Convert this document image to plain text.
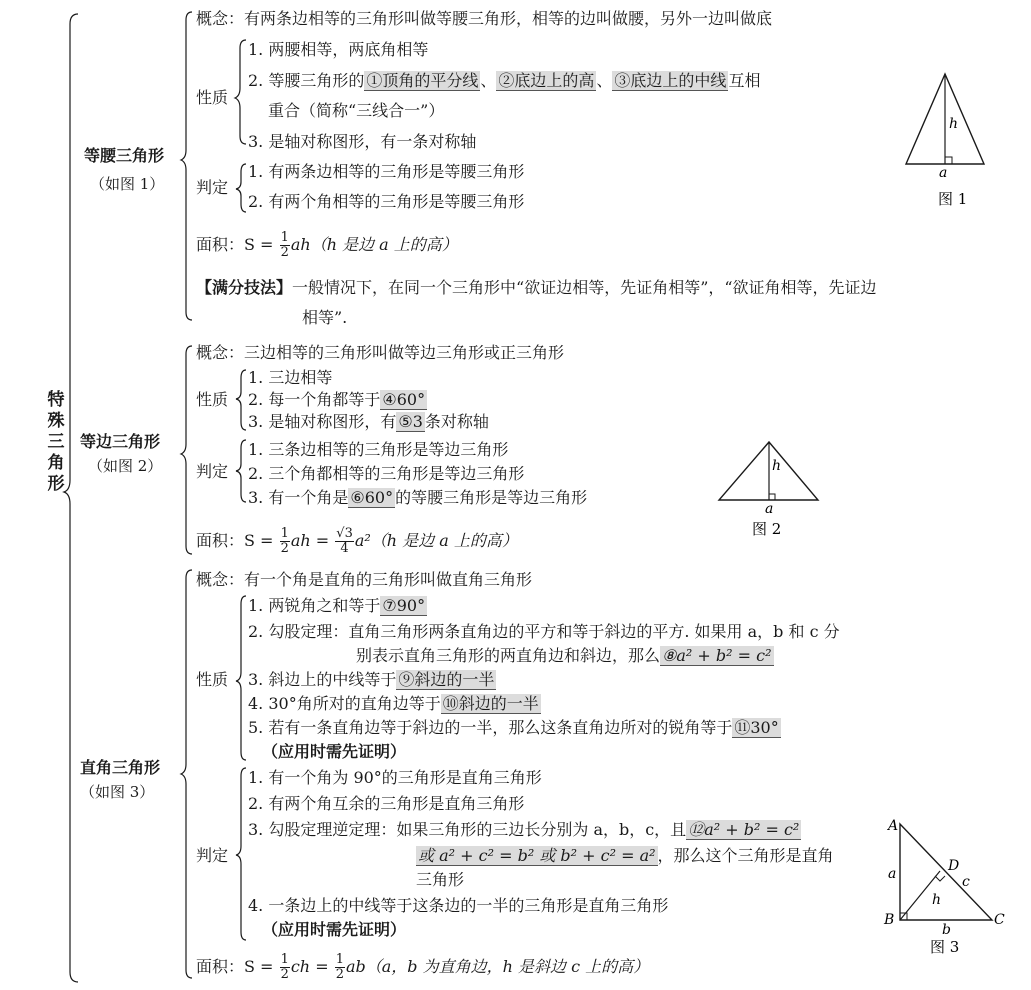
特
殊
三
角
形
等腰三角形
（如图 1）
概念：有两条边相等的三角形叫做等腰三角形，相等的边叫做腰，另外一边叫做底
性质
1. 两腰相等，两底角相等
2. 等腰三角形的 ①顶角的平分线 、 ②底边上的高 、 ③底边上的中线 互相
重合（简称“三线合一”）
3. 是轴对称图形，有一条对称轴
判定
1. 有两条边相等的三角形是等腰三角形
2. 有两个角相等的三角形是等腰三角形
面积：$S = \frac{1}{2} ah(h$ 是边 a 上的高）
【满分技法】一般情况下，在同一个三角形中“欲证边相等，先证角相等”，“欲证角相等，先证边
相等”.
h
a
图 1
等边三角形
（如图 2）
概念：三边相等的三角形叫做等边三角形或正三角形
性质
1. 三边相等
2. 每一个角都等于 ④60°
3. 是轴对称图形，有 ⑤3 条对称轴
判定
1. 三条边相等的三角形是等边三角形
2. 三个角都相等的三角形是等边三角形
3. 有一个角是 ⑥60° 的等腰三角形是等边三角形
面积：$S = \frac{1}{2}$ ah = $\frac{√3}{4} a^2(h$ 是边 a 上的高）
h
a
图 2
直角三角形
（如图 3）
概念：有一个角是直角的三角形叫做直角三角形
性质
1. 两锐角之和等于 ⑦90°
2. 勾股定理：直角三角形两条直角边的平方和等于斜边的平方. 如果用 a，b 和 c 分
别表示直角三角形的两直角边和斜边，那么 ⑧a² + b² = c²
3. 斜边上的中线等于 ⑨斜边的一半
4. 30°角所对的直角边等于 ⑩斜边的一半
5. 若有一条直角边等于斜边的一半，那么这条直角边所对的锐角等于 ⑪30°
（应用时需先证明）
判定
1. 有一个角为 90°的三角形是直角三角形
2. 有两个角互余的三角形是直角三角形
3. 勾股定理逆定理：如果三角形的三边长分别为 a，b，c，且 ⑫a² + b² = c²
或 a² + c² = b² 或 b² + c² = a² ，那么这个三角形是直角
三角形
4. 一条边上的中线等于这条边的一半的三角形是直角三角形
（应用时需先证明）
面积：$S = \frac{1}{2}$ ch = $\frac{1}{2} ab(a$，b 为直角边，h 是斜边 c 上的高）
A
B	C
D
a
b
c
h
图 3
